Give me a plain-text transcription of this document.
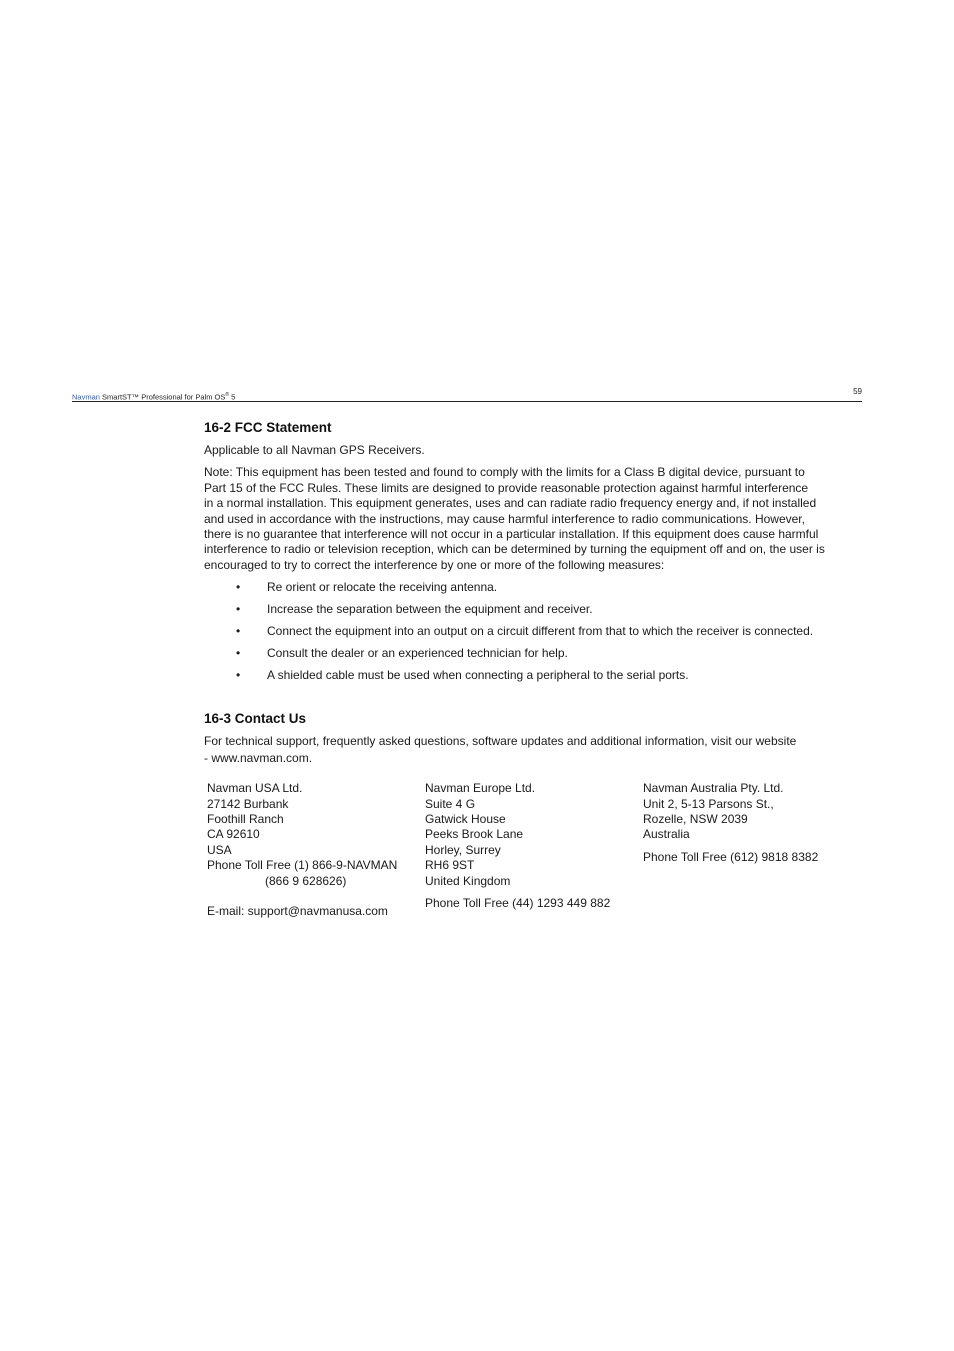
Navman SmartST™ Professional for Palm OS® 5
59
16-2 FCC Statement

Applicable to all Navman GPS Receivers.

Note: This equipment has been tested and found to comply with the limits for a Class B digital device, pursuant to
Part 15 of the FCC Rules. These limits are designed to provide reasonable protection against harmful interference
in a normal installation. This equipment generates, uses and can radiate radio frequency energy and, if not installed
and used in accordance with the instructions, may cause harmful interference to radio communications. However,
there is no guarantee that interference will not occur in a particular installation. If this equipment does cause harmful
interference to radio or television reception, which can be determined by turning the equipment off and on, the user is
encouraged to try to correct the interference by one or more of the following measures:

• Re orient or relocate the receiving antenna.
• Increase the separation between the equipment and receiver.
• Connect the equipment into an output on a circuit different from that to which the receiver is connected.
• Consult the dealer or an experienced technician for help.
• A shielded cable must be used when connecting a peripheral to the serial ports.
16-3 Contact Us

For technical support, frequently asked questions, software updates and additional information, visit our website
- www.navman.com.

Navman USA Ltd.
27142 Burbank
Foothill Ranch
CA 92610
USA
Phone Toll Free (1) 866-9-NAVMAN
(866 9 628626)
E-mail: support@navmanusa.com
Navman Europe Ltd.
Suite 4 G
Gatwick House
Peeks Brook Lane
Horley, Surrey
RH6 9ST
United Kingdom
Phone Toll Free (44) 1293 449 882
Navman Australia Pty. Ltd.
Unit 2, 5-13 Parsons St.,
Rozelle, NSW 2039
Australia
Phone Toll Free (612) 9818 8382
